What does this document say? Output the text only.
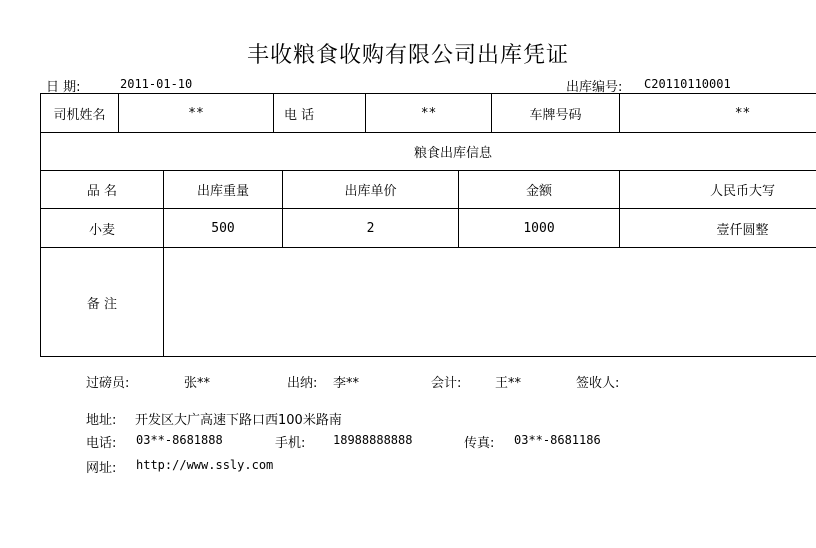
丰收粮食收购有限公司出库凭证
日 期:	2011-01-10	出库编号: C20110110001
司机姓名	**		电 话		**		车牌号码	**
粮食出库信息								
品 名		出库重量		出库单价		金额		人民币大写
小麦		500		2		1000		壹仟圆整
备 注								
过磅员:	张**	出纳: 李**	会计:	王**	签收人:
地址: 开发区大广高速下路口西100米路南
电话: 03**-8681888	手机: 18988888888	传真: 03**-8681186
网址: http://www.ssly.com
